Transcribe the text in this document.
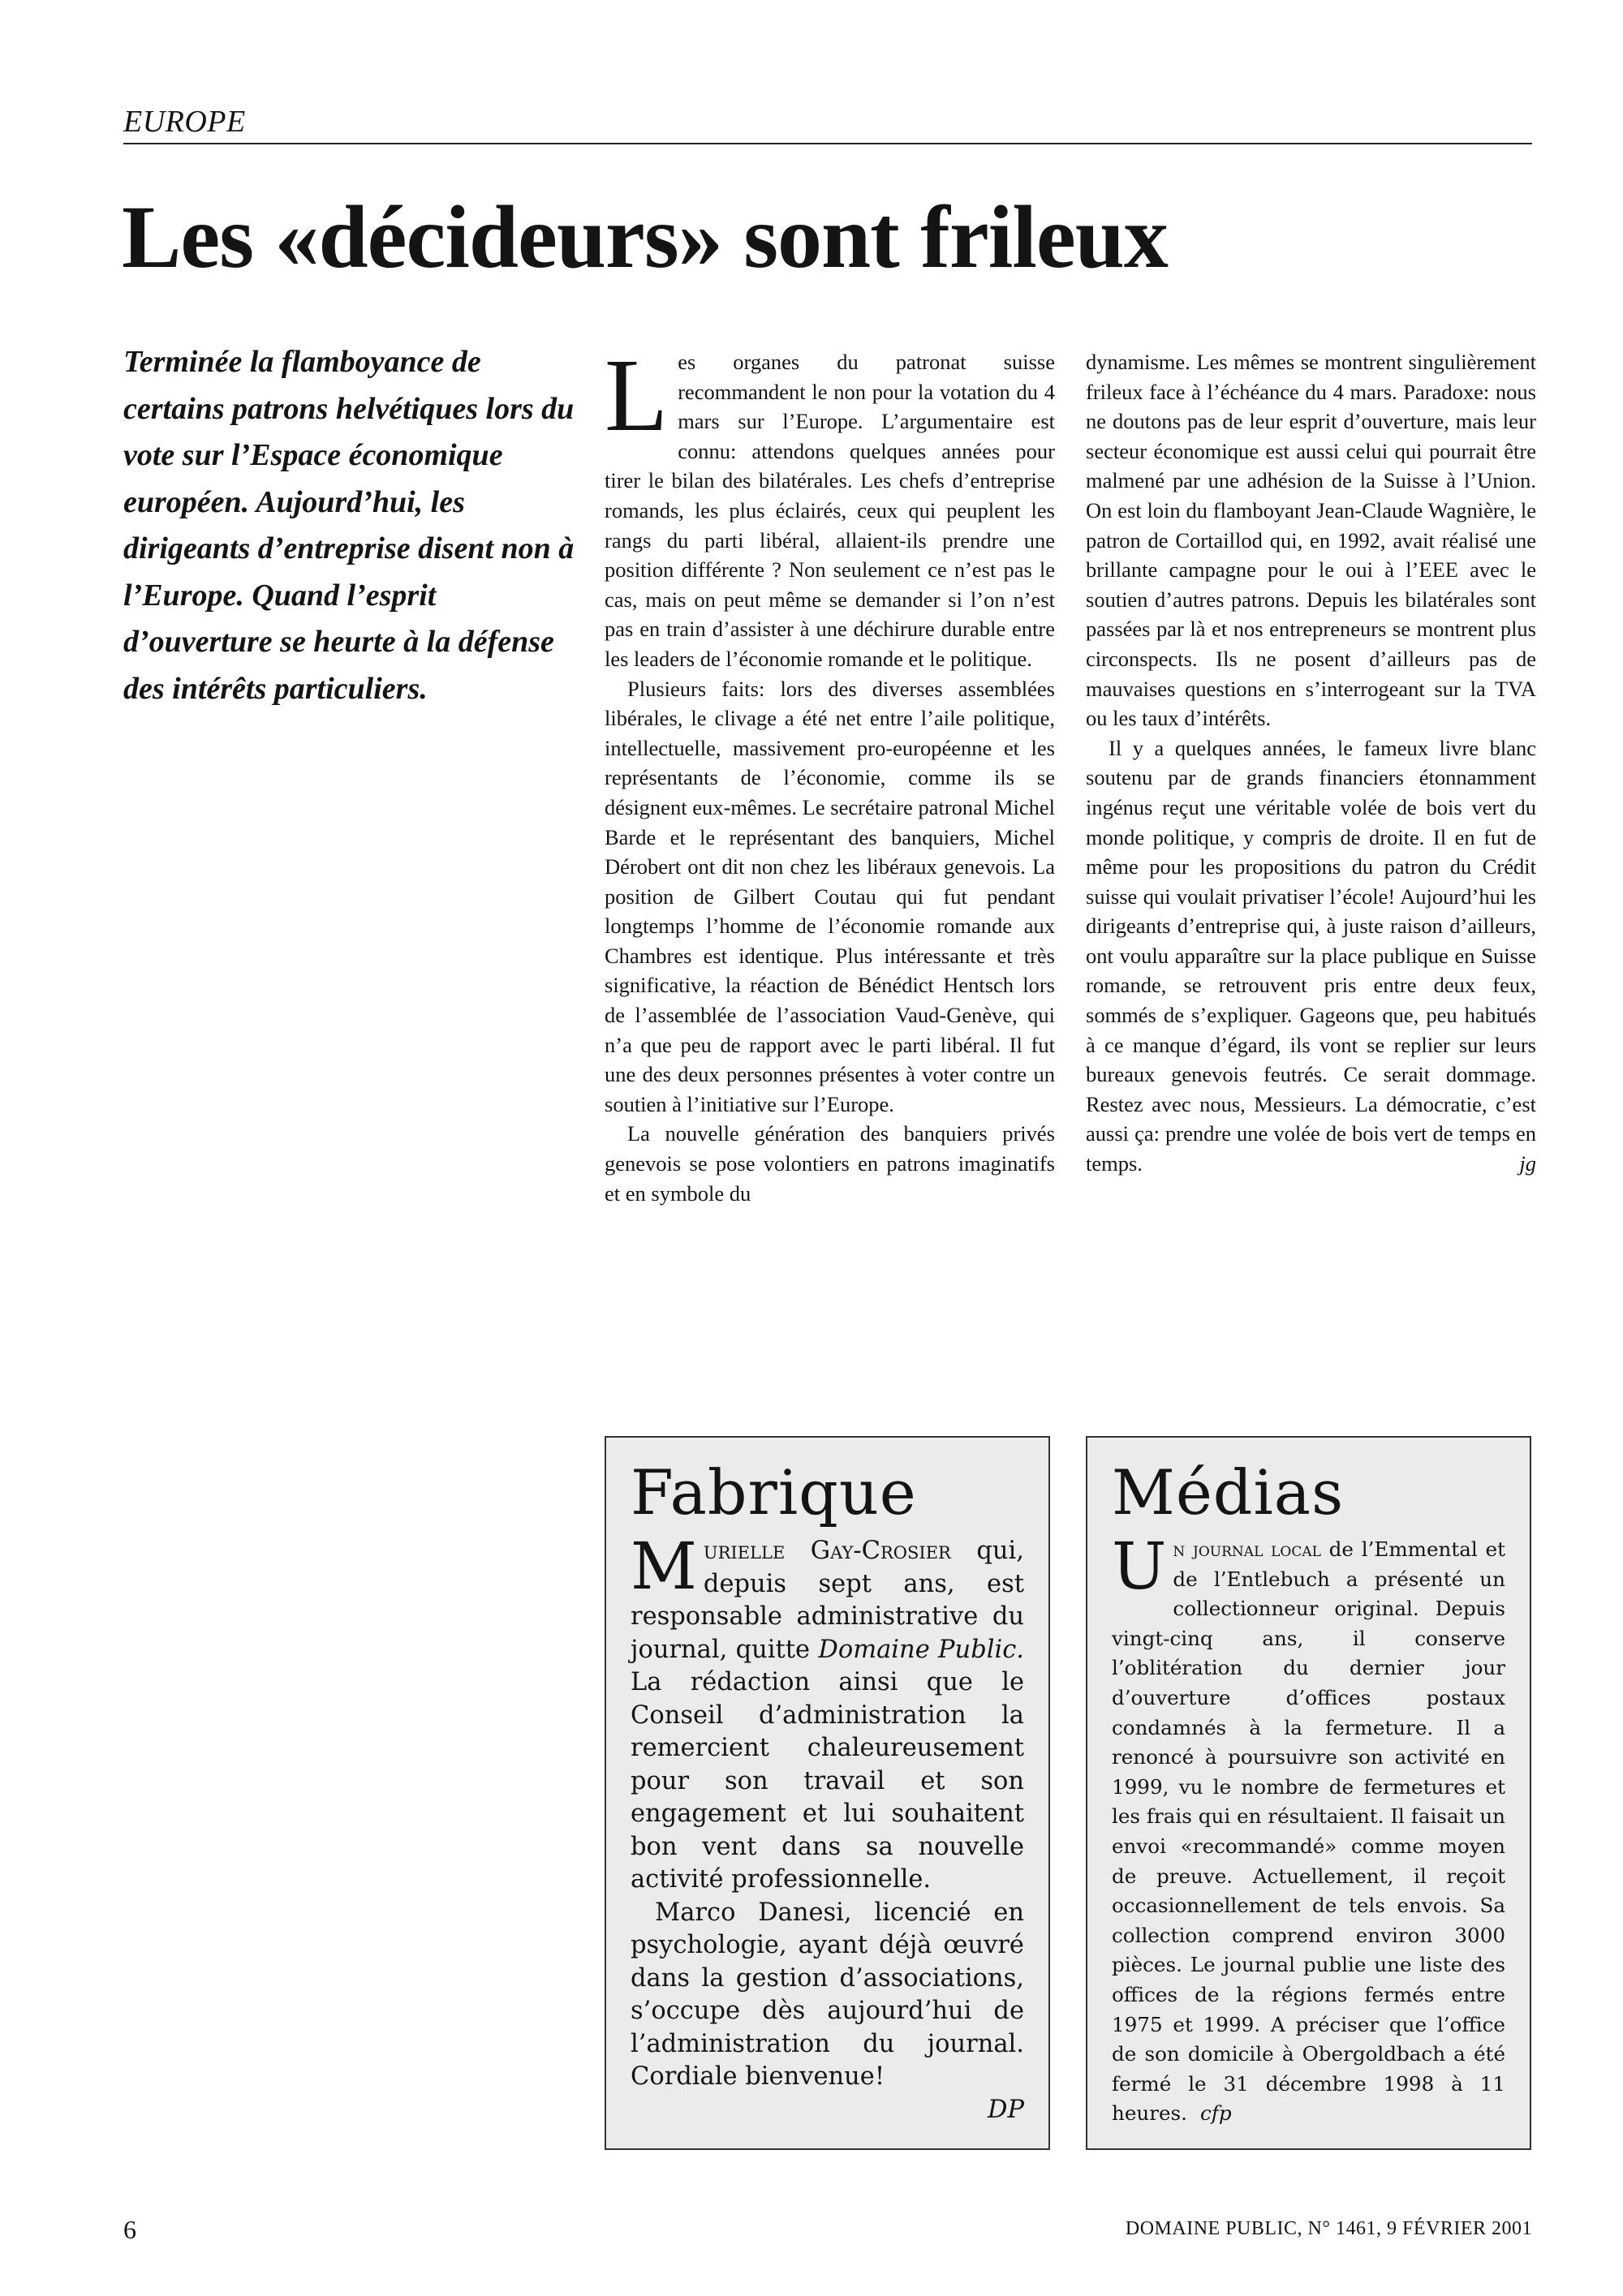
EUROPE
Les «décideurs» sont frileux

Terminée la flamboyance de certains patrons helvétiques lors du vote sur l’Espace économique européen. Aujourd’hui, les dirigeants d’entreprise disent non à l’Europe. Quand l’esprit d’ouverture se heurte à la défense des intérêts particuliers.

Les organes du patronat suisse recommandent le non pour la votation du 4 mars sur l’Europe. L’argumentaire est connu: attendons quelques années pour tirer le bilan des bilatérales. Les chefs d’entreprise romands, les plus éclairés, ceux qui peuplent les rangs du parti libéral, allaient-ils prendre une position différente ? Non seulement ce n’est pas le cas, mais on peut même se demander si l’on n’est pas en train d’assister à une déchirure durable entre les leaders de l’économie romande et le politique.

Plusieurs faits: lors des diverses assemblées libérales, le clivage a été net entre l’aile politique, intellectuelle, massivement pro-européenne et les représentants de l’économie, comme ils se désignent eux-mêmes. Le secrétaire patronal Michel Barde et le représentant des banquiers, Michel Dérobert ont dit non chez les libéraux genevois. La position de Gilbert Coutau qui fut pendant longtemps l’homme de l’économie romande aux Chambres est identique. Plus intéressante et très significative, la réaction de Bénédict Hentsch lors de l’assemblée de l’association Vaud-Genève, qui n’a que peu de rapport avec le parti libéral. Il fut une des deux personnes présentes à voter contre un soutien à l’initiative sur l’Europe.

La nouvelle génération des banquiers privés genevois se pose volontiers en patrons imaginatifs et en symbole du

dynamisme. Les mêmes se montrent singulièrement frileux face à l’échéance du 4 mars. Paradoxe: nous ne doutons pas de leur esprit d’ouverture, mais leur secteur économique est aussi celui qui pourrait être malmené par une adhésion de la Suisse à l’Union. On est loin du flamboyant Jean-Claude Wagnière, le patron de Cortaillod qui, en 1992, avait réalisé une brillante campagne pour le oui à l’EEE avec le soutien d’autres patrons. Depuis les bilatérales sont passées par là et nos entrepreneurs se montrent plus circonspects. Ils ne posent d’ailleurs pas de mauvaises questions en s’interrogeant sur la TVA ou les taux d’intérêts.

Il y a quelques années, le fameux livre blanc soutenu par de grands financiers étonnamment ingénus reçut une véritable volée de bois vert du monde politique, y compris de droite. Il en fut de même pour les propositions du patron du Crédit suisse qui voulait privatiser l’école! Aujourd’hui les dirigeants d’entreprise qui, à juste raison d’ailleurs, ont voulu apparaître sur la place publique en Suisse romande, se retrouvent pris entre deux feux, sommés de s’expliquer. Gageons que, peu habitués à ce manque d’égard, ils vont se replier sur leurs bureaux genevois feutrés. Ce serait dommage. Restez avec nous, Messieurs. La démocratie, c’est aussi ça: prendre une volée de bois vert de temps en temps.	jg

Fabrique

Murielle Gay-Crosier qui, depuis sept ans, est responsable administrative du journal, quitte Domaine Public. La rédaction ainsi que le Conseil d’administration la remercient chaleureusement pour son travail et son engagement et lui souhaitent bon vent dans sa nouvelle activité professionnelle.

Marco Danesi, licencié en psychologie, ayant déjà œuvré dans la gestion d’associations, s’occupe dès aujourd’hui de l’administration du journal. Cordiale bienvenue!

DP

Médias

Un journal local de l’Emmental et de l’Entlebuch a présenté un collectionneur original. Depuis vingt-cinq ans, il conserve l’oblitération du dernier jour d’ouverture d’offices postaux condamnés à la fermeture. Il a renoncé à poursuivre son activité en 1999, vu le nombre de fermetures et les frais qui en résultaient. Il faisait un envoi «recommandé» comme moyen de preuve. Actuellement, il reçoit occasionnellement de tels envois. Sa collection comprend environ 3000 pièces. Le journal publie une liste des offices de la régions fermés entre 1975 et 1999. A préciser que l’office de son domicile à Obergoldbach a été fermé le 31 décembre 1998 à 11 heures. cfp

6	DOMAINE PUBLIC, N° 1461, 9 FÉVRIER 2001
